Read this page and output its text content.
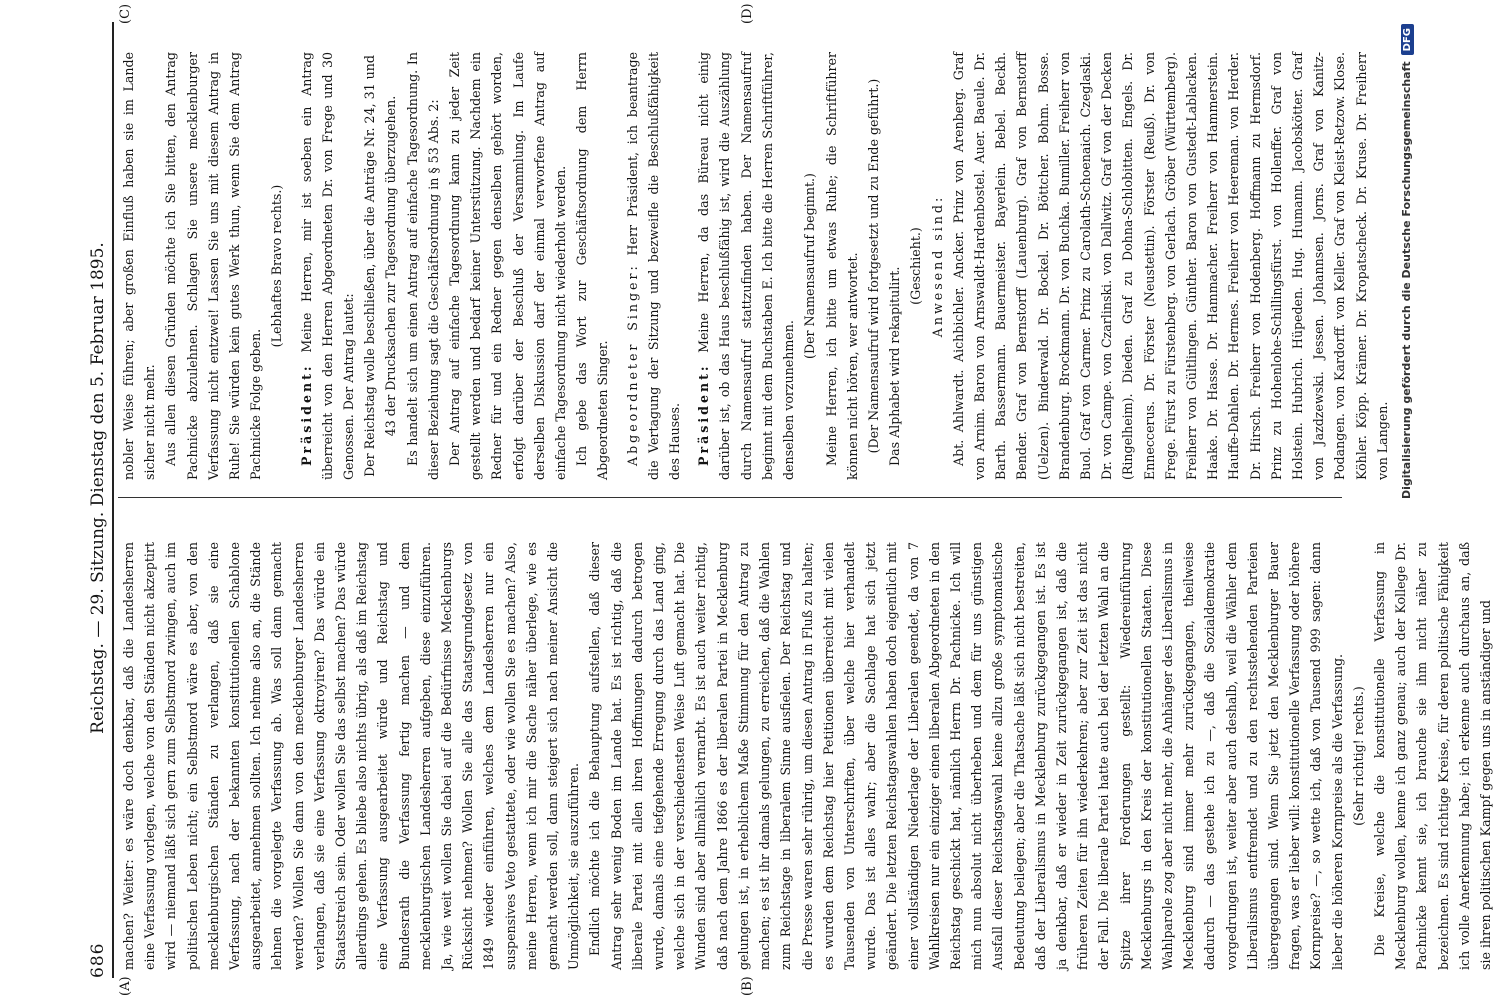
686
Reichstag. — 29. Sitzung. Dienstag den 5. Februar 1895.
(A)	(B)
(C)	(D)

machen? Weiter: es wäre doch denkbar, daß die Landesherren eine Verfassung vorlegen, welche von den Ständen nicht akzeptirt wird — niemand läßt sich gern zum Selbstmord zwingen, auch im politischen Leben nicht; ein Selbstmord wäre es aber, von den mecklenburgischen Ständen zu verlangen, daß sie eine Verfassung, nach der bekannten konstitutionellen Schablone ausgearbeitet, annehmen sollten. Ich nehme also an, die Stände lehnen die vorgelegte Verfassung ab. Was soll dann gemacht werden? Wollen Sie dann von den mecklenburger Landesherren verlangen, daß sie eine Verfassung oktroyiren? Das würde ein Staatsstreich sein. Oder wollen Sie das selbst machen? Das würde allerdings gehen. Es bliebe also nichts übrig, als daß im Reichstag eine Verfassung ausgearbeitet würde und Reichstag und Bundesrath die Verfassung fertig machen — und dem mecklenburgischen Landesherren aufgeben, diese einzuführen. Ja, wie weit wollen Sie dabei auf die Bedürfnisse Mecklenburgs Rücksicht nehmen? Wollen Sie alle das Staatsgrundgesetz von 1849 wieder einführen, welches dem Landesherren nur ein suspensives Veto gestattete, oder wie wollen Sie es machen? Also, meine Herren, wenn ich mir die Sache näher überlege, wie es gemacht werden soll, dann steigert sich nach meiner Ansicht die Unmöglichkeit, sie auszuführen. Endlich möchte ich die Behauptung aufstellen, daß dieser Antrag sehr wenig Boden im Lande hat. Es ist richtig, daß die liberale Partei mit allen ihren Hoffnungen dadurch betrogen wurde, damals eine tiefgehende Erregung durch das Land ging, welche sich in der verschiedensten Weise Luft gemacht hat. Die Wunden sind aber allmählich vernarbt. Es ist auch weiter richtig, daß nach dem Jahre 1866 es der liberalen Partei in Mecklenburg gelungen ist, in erheblichem Maße Stimmung für den Antrag zu machen; es ist ihr damals gelungen, zu erreichen, daß die Wahlen zum Reichstage in liberalem Sinne ausfielen. Der Reichstag und die Presse waren sehr rührig, um diesen Antrag in Fluß zu halten; es wurden dem Reichstag hier Petitionen überreicht mit vielen Tausenden von Unterschriften, über welche hier verhandelt wurde. Das ist alles wahr; aber die Sachlage hat sich jetzt geändert. Die letzten Reichstagswahlen haben doch eigentlich mit einer vollständigen Niederlage der Liberalen geendet, da von 7 Wahlkreisen nur ein einziger einen liberalen Abgeordneten in den Reichstag geschickt hat, nämlich Herrn Dr. Pachnicke. Ich will mich nun absolut nicht überheben und dem für uns günstigen Ausfall dieser Reichstagswahl keine allzu große symptomatische Bedeutung beilegen; aber die Thatsache läßt sich nicht bestreiten, daß der Liberalismus in Mecklenburg zurückgegangen ist. Es ist ja denkbar, daß er wieder in Zeit zurückgegangen ist, daß die früheren Zeiten für ihn wiederkehren; aber zur Zeit ist das nicht der Fall. Die liberale Partei hatte auch bei der letzten Wahl an die Spitze ihrer Forderungen gestellt: Wiedereinführung Mecklenburgs in den Kreis der konstitutionellen Staaten. Diese Wahlparole zog aber nicht mehr, die Anhänger des Liberalismus in Mecklenburg sind immer mehr zurückgegangen, theilweise dadurch — das gestehe ich zu —, daß die Sozialdemokratie vorgedrungen ist, weiter aber auch deshalb, weil die Wähler dem Liberalismus entfremdet und zu den rechtsstehenden Parteien übergegangen sind. Wenn Sie jetzt den Mecklenburger Bauer fragen, was er lieber will: konstitutionelle Verfassung oder höhere Kornpreise? —, so wette ich, daß von Tausend 999 sagen: dann lieber die höheren Kornpreise als die Verfassung. (Sehr richtig! rechts.) Die Kreise, welche die konstitutionelle Verfassung in Mecklenburg wollen, kenne ich ganz genau; auch der Kollege Dr. Pachnicke kennt sie, ich brauche sie ihm nicht näher zu bezeichnen. Es sind richtige Kreise, für deren politische Fähigkeit ich volle Anerkennung habe; ich erkenne auch durchaus an, daß sie ihren politischen Kampf gegen uns in anständiger und

nobler Weise führen; aber großen Einfluß haben sie im Lande sicher nicht mehr. Aus allen diesen Gründen möchte ich Sie bitten, den Antrag Pachnicke abzulehnen. Schlagen Sie unsere mecklenburger Verfassung nicht entzwei! Lassen Sie uns mit diesem Antrag in Ruhe! Sie würden kein gutes Werk thun, wenn Sie dem Antrag Pachnicke Folge geben.

(Lebhaftes Bravo rechts.)

Präsident: Meine Herren, mir ist soeben ein Antrag überreicht von den Herren Abgeordneten Dr. von Frege und 30 Genossen. Der Antrag lautet: Der Reichstag wolle beschließen, über die Anträge Nr. 24, 31 und 43 der Drucksachen zur Tagesordnung überzugehen. Es handelt sich um einen Antrag auf einfache Tagesordnung. In dieser Beziehung sagt die Geschäftsordnung in § 53 Abs. 2: Der Antrag auf einfache Tagesordnung kann zu jeder Zeit gestellt werden und bedarf keiner Unterstützung. Nachdem ein Redner für und ein Redner gegen denselben gehört worden, erfolgt darüber der Beschluß der Versammlung. Im Laufe derselben Diskussion darf der einmal verworfene Antrag auf einfache Tagesordnung nicht wiederholt werden. Ich gebe das Wort zur Geschäftsordnung dem Herrn Abgeordneten Singer. Abgeordneter Singer: Herr Präsident, ich beantrage die Vertagung der Sitzung und bezweifle die Beschlußfähigkeit des Hauses. Präsident: Meine Herren, da das Büreau nicht einig darüber ist, ob das Haus beschlußfähig ist, wird die Auszählung durch Namensaufruf stattzufinden haben. Der Namensaufruf beginnt mit dem Buchstaben E. Ich bitte die Herren Schriftführer, denselben vorzunehmen.

(Der Namensaufruf beginnt.) Meine Herren, ich bitte um etwas Ruhe; die Schriftführer können nicht hören, wer antwortet. (Der Namensaufruf wird fortgesetzt und zu Ende geführt.) Das Alphabet wird rekapitulirt.

(Geschieht.) Anwesend sind: Abt. Ahlwardt. Aichbichler. Ancker. Prinz von Arenberg. Graf von Arnim. Baron von Arnswaldt-Hardenbostel. Auer. Baeule. Dr. Barth. Bassermann. Bauermeister. Bayerlein. Bebel. Beckh. Bender. Graf von Bernstorff (Lauenburg). Graf von Bernstorff (Uelzen). Binderwald. Dr. Bockel. Dr. Böttcher. Bohm. Bosse. Brandenburg. Brockmann. Dr. von Buchka. Bumiller. Freiherr von Buol. Graf von Carmer. Prinz zu Carolath-Schoenaich. Czeglaski. Dr. von Campe. von Czarlinski. von Dallwitz. Graf von der Decken (Ringelheim). Dieden. Graf zu Dohna-Schlobitten. Engels. Dr. Enneccerus. Dr. Förster (Neustettin). Förster (Reuß). Dr. von Frege. Fürst zu Fürstenberg. von Gerlach. Gröber (Württemberg). Freiherr von Gültlingen. Günther. Baron von Gustedt-Lablacken. Haake. Dr. Hasse. Dr. Hammacher. Freiherr von Hammerstein. Hauffe-Dahlen. Dr. Hermes. Freiherr von Heereman. von Herder. Dr. Hirsch. Freiherr von Hodenberg. Hoffmann zu Hermsdorf. Prinz zu Hohenlohe-Schillingsfürst. von Hollenffer. Graf von Holstein. Hubrich. Hüpeden. Hug. Humann. Jacobskötter. Graf von Jazdzewski. Jessen. Johannsen. Jorns. Graf von Kanitz-Podangen. von Kardorff. von Keller. Graf von Kleist-Retzow. Klose. Köhler. Köpp. Krämer. Dr. Kropatscheck. Dr. Kruse. Dr. Freiherr von Langen. Digitalisierung gefördert durch die Deutsche ForschungsgemeinschaftDFG
